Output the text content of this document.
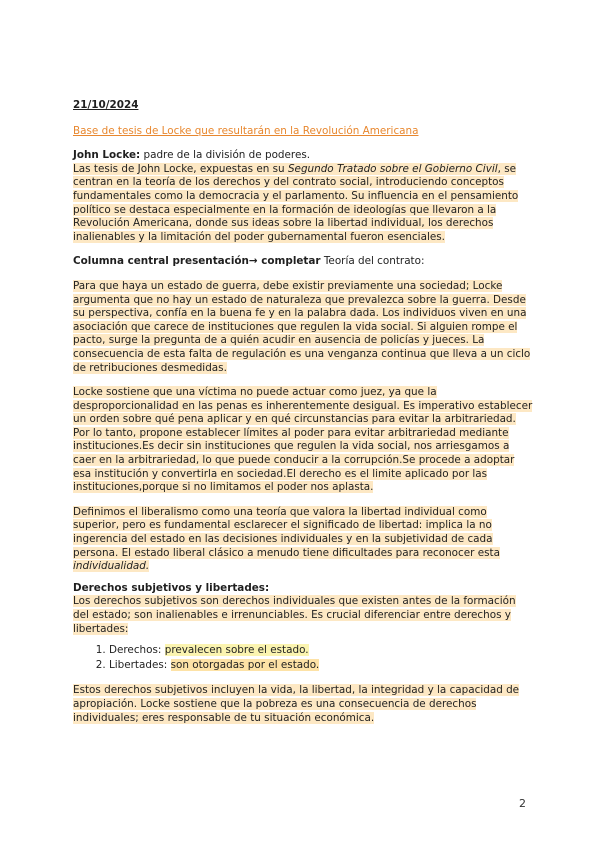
21/10/2024
Base de tesis de Locke que resultarán en la Revolución Americana

John Locke: padre de la división de poderes.

Las tesis de John Locke, expuestas en su Segundo Tratado sobre el Gobierno Civil, se centran en la teoría de los derechos y del contrato social, introduciendo conceptos fundamentales como la democracia y el parlamento. Su influencia en el pensamiento político se destaca especialmente en la formación de ideologías que llevaron a la Revolución Americana, donde sus ideas sobre la libertad individual, los derechos inalienables y la limitación del poder gubernamental fueron esenciales.

Columna central presentación→ completar Teoría del contrato:

Para que haya un estado de guerra, debe existir previamente una sociedad; Locke argumenta que no hay un estado de naturaleza que prevalezca sobre la guerra. Desde su perspectiva, confía en la buena fe y en la palabra dada. Los individuos viven en una asociación que carece de instituciones que regulen la vida social. Si alguien rompe el pacto, surge la pregunta de a quién acudir en ausencia de policías y jueces. La consecuencia de esta falta de regulación es una venganza continua que lleva a un ciclo de retribuciones desmedidas.

Locke sostiene que una víctima no puede actuar como juez, ya que la desproporcionalidad en las penas es inherentemente desigual. Es imperativo establecer un orden sobre qué pena aplicar y en qué circunstancias para evitar la arbitrariedad. Por lo tanto, propone establecer límites al poder para evitar arbitrariedad mediante instituciones.Es decir sin instituciones que regulen la vida social, nos arriesgamos a caer en la arbitrariedad, lo que puede conducir a la corrupción.Se procede a adoptar esa institución y convertirla en sociedad.El derecho es el limite aplicado por las instituciones,porque si no limitamos el poder nos aplasta.

Definimos el liberalismo como una teoría que valora la libertad individual como superior, pero es fundamental esclarecer el significado de libertad: implica la no ingerencia del estado en las decisiones individuales y en la subjetividad de cada persona. El estado liberal clásico a menudo tiene dificultades para reconocer esta individualidad.

Derechos subjetivos y libertades:

Los derechos subjetivos son derechos individuales que existen antes de la formación del estado; son inalienables e irrenunciables. Es crucial diferenciar entre derechos y libertades:

1. Derechos: prevalecen sobre el estado.
2. Libertades: son otorgadas por el estado.

Estos derechos subjetivos incluyen la vida, la libertad, la integridad y la capacidad de apropiación. Locke sostiene que la pobreza es una consecuencia de derechos individuales; eres responsable de tu situación económica.

2
